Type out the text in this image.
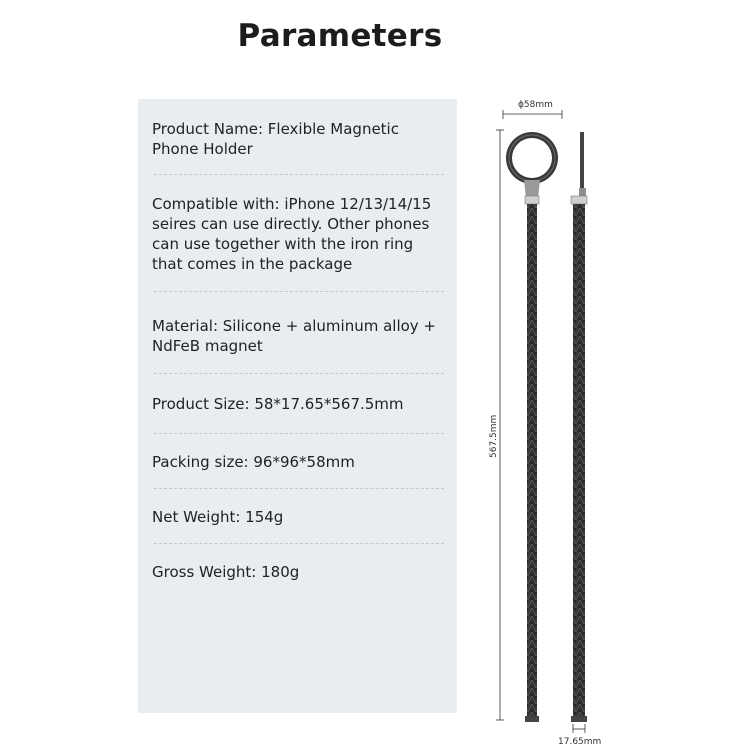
Parameters
Product Name: Flexible Magnetic
Phone Holder
Compatible with: iPhone 12/13/14/15
seires can use directly. Other phones
can use together with the iron ring
that comes in the package
Material: Silicone + aluminum alloy +
NdFeB magnet
Product Size: 58*17.65*567.5mm
Packing size: 96*96*58mm
Net Weight: 154g
Gross Weight: 180g
ϕ58mm
567.5mm
17.65mm
